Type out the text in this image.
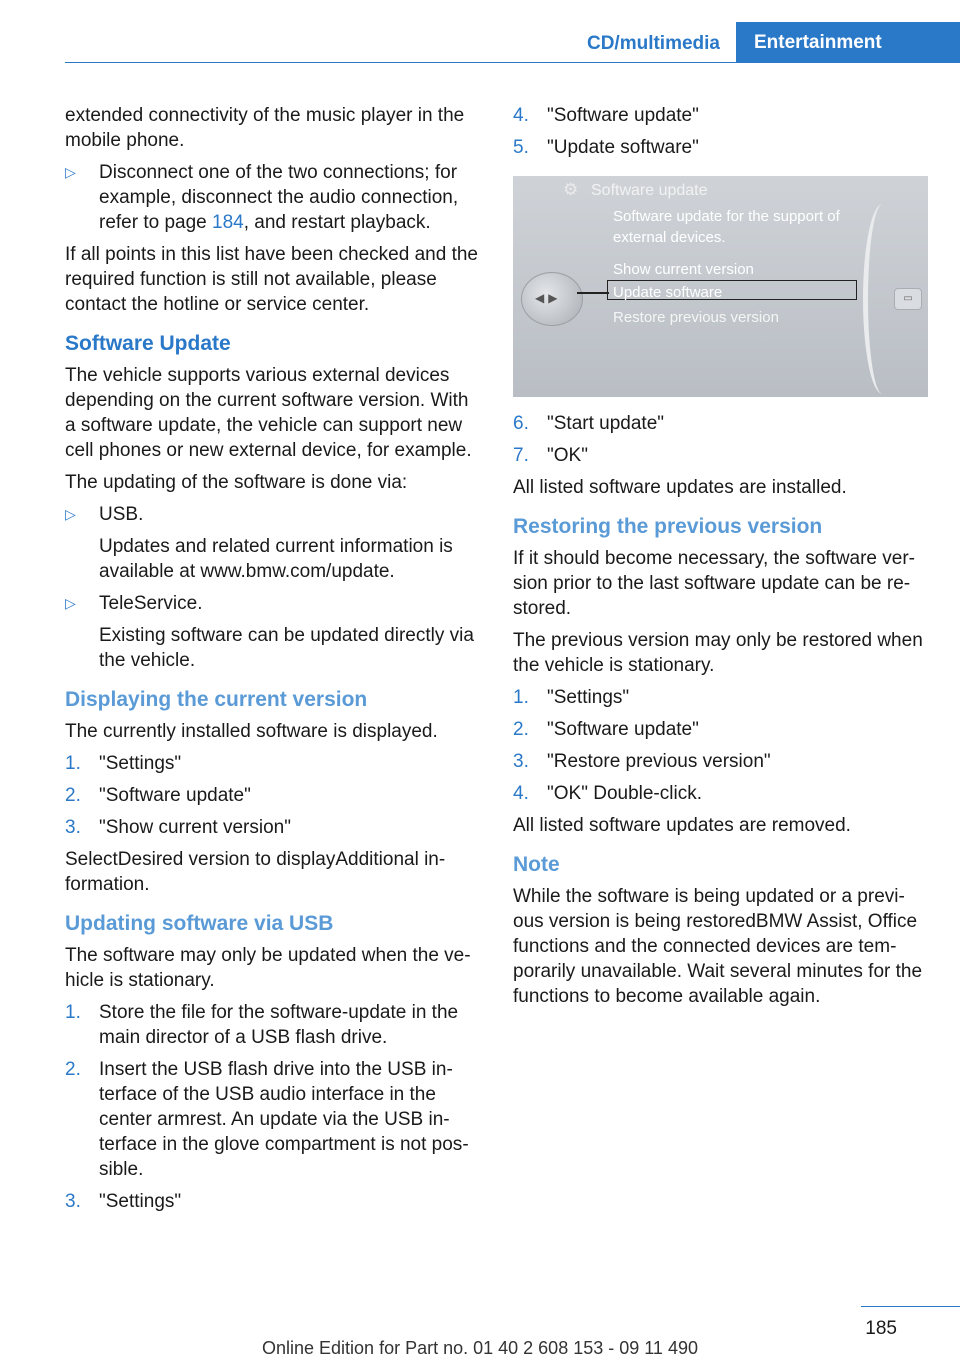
CD/multimedia	Entertainment

extended connectivity of the music player in the mobile phone.

▷	Disconnect one of the two connections; for example, disconnect the audio connection, refer to page 184, and restart playback.

If all points in this list have been checked and the required function is still not available, please contact the hotline or service center.

Software Update

The vehicle supports various external devices depending on the current software version. With a software update, the vehicle can support new cell phones or new external device, for example.

The updating of the software is done via:

▷	USB.
Updates and related current information is available at www.bmw.com/update.
▷	TeleService.
Existing software can be updated directly via the vehicle.
Displaying the current version

The currently installed software is displayed.

1. "Settings"
2. "Software update"
3. "Show current version"

SelectDesired version to displayAdditional information.

Updating software via USB

The software may only be updated when the vehicle is stationary.

1. Store the file for the software-update in the main director of a USB flash drive.
2. Insert the USB flash drive into the USB interface of the USB audio interface in the center armrest. An update via the USB interface in the glove compartment is not possible.
3. "Settings"
4. "Software update"
5. "Update software"
⚙ Software update
Software update for the support of external devices.
Show current version
Update software
Restore previous version
◀▶	▭
6. "Start update"
7. "OK"

All listed software updates are installed.

Restoring the previous version

If it should become necessary, the software version prior to the last software update can be restored.

The previous version may only be restored when the vehicle is stationary.

1. "Settings"
2. "Software update"
3. "Restore previous version"
4. "OK" Double-click.

All listed software updates are removed.

Note

While the software is being updated or a previous version is being restoredBMW Assist, Office functions and the connected devices are temporarily unavailable. Wait several minutes for the functions to become available again.

185
Online Edition for Part no. 01 40 2 608 153 - 09 11 490
